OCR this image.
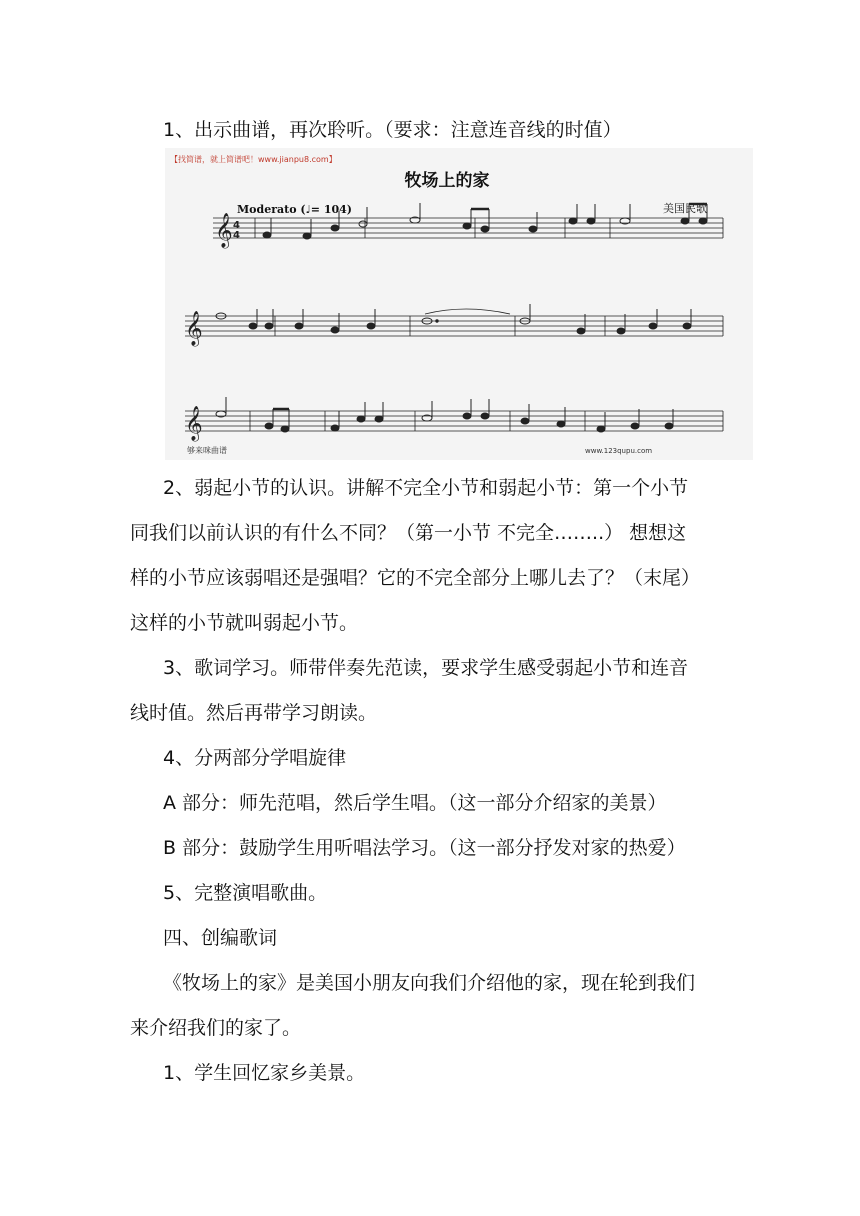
1、出示曲谱，再次聆听。（要求：注意连音线的时值）
【找简谱，就上简谱吧！www.jianpu8.com】
牧场上的家
Moderato (♩= 104)	美国民歌
𝄞 4
4
𝄞
𝄞
够来咪曲谱	www.123qupu.com
2、弱起小节的认识。讲解不完全小节和弱起小节：第一个小节
同我们以前认识的有什么不同？（第一小节 不完全……..） 想想这
样的小节应该弱唱还是强唱？它的不完全部分上哪儿去了？（末尾）
这样的小节就叫弱起小节。
3、歌词学习。师带伴奏先范读，要求学生感受弱起小节和连音
线时值。然后再带学习朗读。
4、分两部分学唱旋律
A 部分：师先范唱，然后学生唱。（这一部分介绍家的美景）
B 部分：鼓励学生用听唱法学习。（这一部分抒发对家的热爱）
5、完整演唱歌曲。
四、创编歌词
《牧场上的家》是美国小朋友向我们介绍他的家，现在轮到我们
来介绍我们的家了。
1、学生回忆家乡美景。
